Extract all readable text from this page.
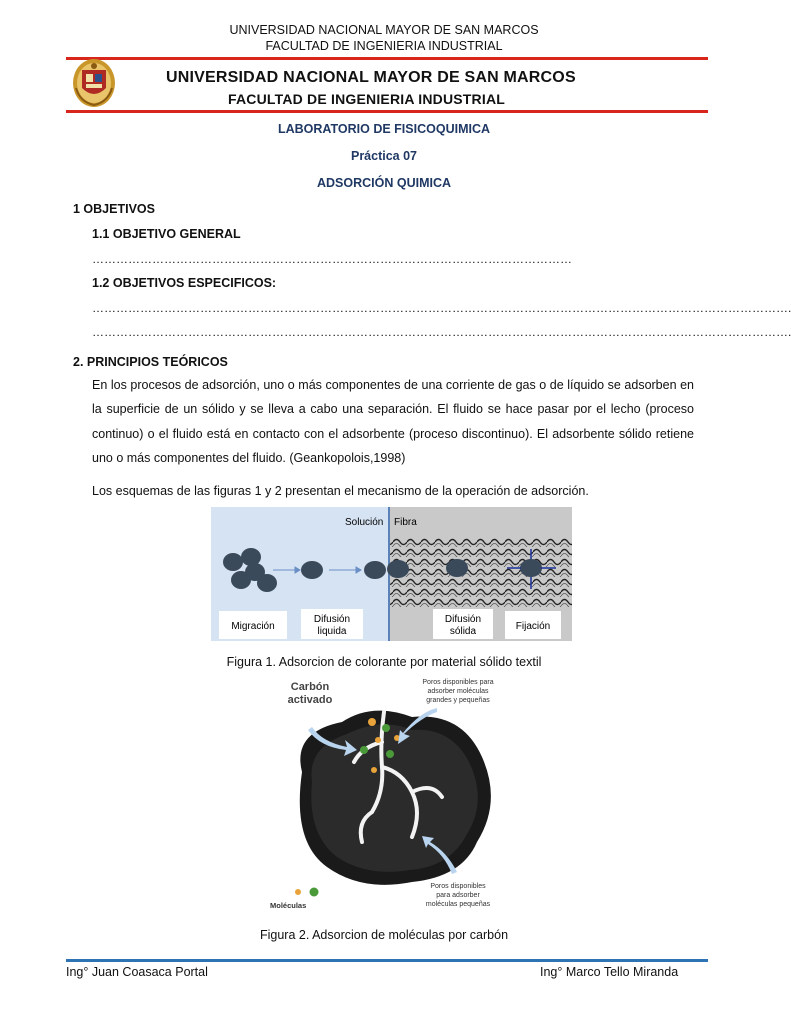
UNIVERSIDAD NACIONAL MAYOR DE SAN MARCOS
FACULTAD DE INGENIERIA INDUSTRIAL
UNIVERSIDAD NACIONAL MAYOR DE SAN MARCOS
FACULTAD DE INGENIERIA INDUSTRIAL
LABORATORIO DE FISICOQUIMICA
Práctica 07
ADSORCIÓN QUIMICA
1 OBJETIVOS
1.1 OBJETIVO GENERAL
…………………………………………………………………………………………………………
1.2 OBJETIVOS ESPECIFICOS:
………………………………………………………………………………………………………………………………………………………….
………………………………………………………………………………………………………………………………………………………….
2. PRINCIPIOS TEÓRICOS
En los procesos de adsorción, uno o más componentes de una corriente de gas o de líquido se adsorben en la superficie de un sólido y se lleva a cabo una separación. El fluido se hace pasar por el lecho (proceso continuo) o el fluido está en contacto con el adsorbente (proceso discontinuo). El adsorbente sólido retiene uno o más componentes del fluido. (Geankopolois,1998)
Los esquemas de las figuras 1 y 2 presentan el mecanismo de la operación de adsorción.
Solución Fibra
Migración
Difusión
liquida
Difusión
sólida	Fijación
Figura 1. Adsorcion de colorante por material sólido textil
Carbón
activado
Poros disponibles para
adsorber moléculas
grandes y pequeñas
Poros disponibles
para adsorber
moléculas pequeñas
Moléculas
Figura 2. Adsorcion de moléculas por carbón
Ing° Juan Coasaca Portal	Ing° Marco Tello Miranda
